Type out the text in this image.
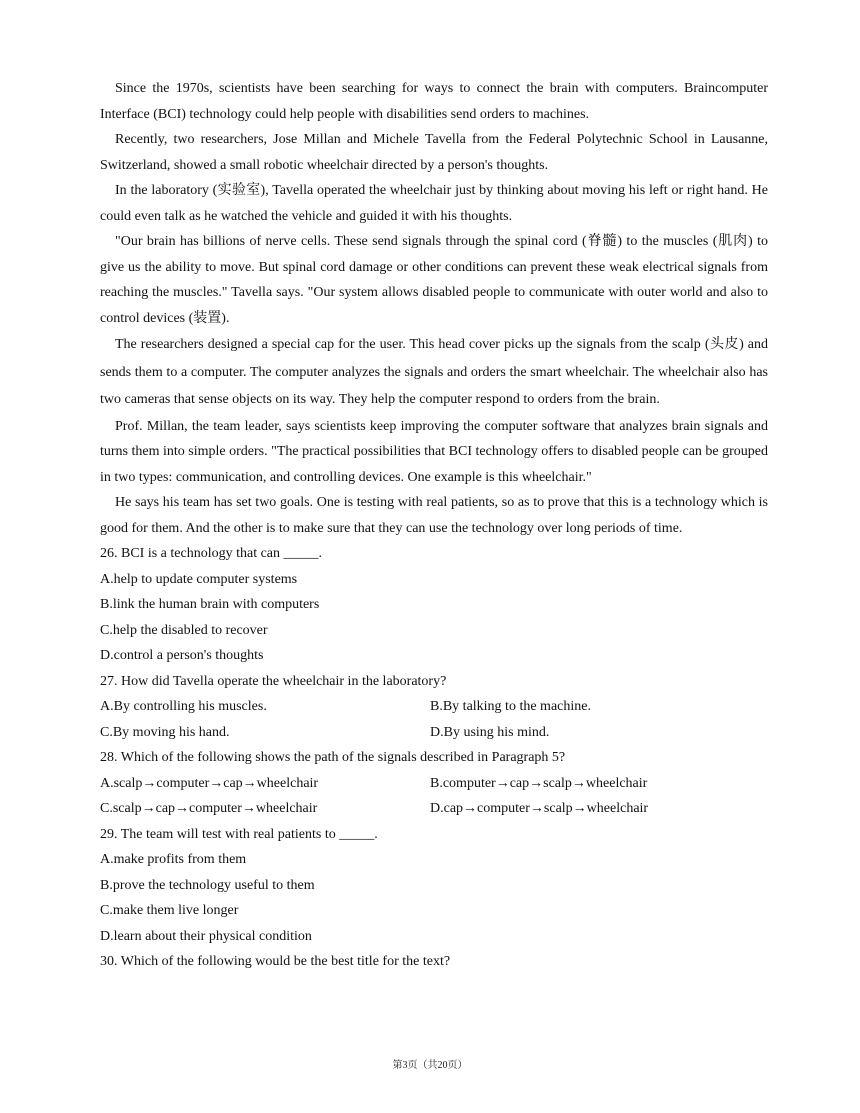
Since the 1970s, scientists have been searching for ways to connect the brain with computers. Braincomputer Interface (BCI) technology could help people with disabilities send orders to machines.

Recently, two researchers, Jose Millan and Michele Tavella from the Federal Polytechnic School in Lausanne, Switzerland, showed a small robotic wheelchair directed by a person's thoughts.

In the laboratory (实验室), Tavella operated the wheelchair just by thinking about moving his left or right hand. He could even talk as he watched the vehicle and guided it with his thoughts.

"Our brain has billions of nerve cells. These send signals through the spinal cord (脊髓) to the muscles (肌肉) to give us the ability to move. But spinal cord damage or other conditions can prevent these weak electrical signals from reaching the muscles." Tavella says. "Our system allows disabled people to communicate with outer world and also to control devices (装置).

The researchers designed a special cap for the user. This head cover picks up the signals from the scalp (头皮) and sends them to a computer. The computer analyzes the signals and orders the smart wheelchair. The wheelchair also has two cameras that sense objects on its way. They help the computer respond to orders from the brain.

Prof. Millan, the team leader, says scientists keep improving the computer software that analyzes brain signals and turns them into simple orders. "The practical possibilities that BCI technology offers to disabled people can be grouped in two types: communication, and controlling devices. One example is this wheelchair."

He says his team has set two goals. One is testing with real patients, so as to prove that this is a technology which is good for them. And the other is to make sure that they can use the technology over long periods of time.

26. BCI is a technology that can _____.

A.help to update computer systems

B.link the human brain with computers

C.help the disabled to recover

D.control a person's thoughts

27. How did Tavella operate the wheelchair in the laboratory?

A.By controlling his muscles.	B.By talking to the machine.
C.By moving his hand.	D.By using his mind.

28. Which of the following shows the path of the signals described in Paragraph 5?

A.scalp→computer→cap→wheelchair	B.computer→cap→scalp→wheelchair
C.scalp→cap→computer→wheelchair	D.cap→computer→scalp→wheelchair

29. The team will test with real patients to _____.

A.make profits from them

B.prove the technology useful to them

C.make them live longer

D.learn about their physical condition

30. Which of the following would be the best title for the text?

第3页（共20页）
